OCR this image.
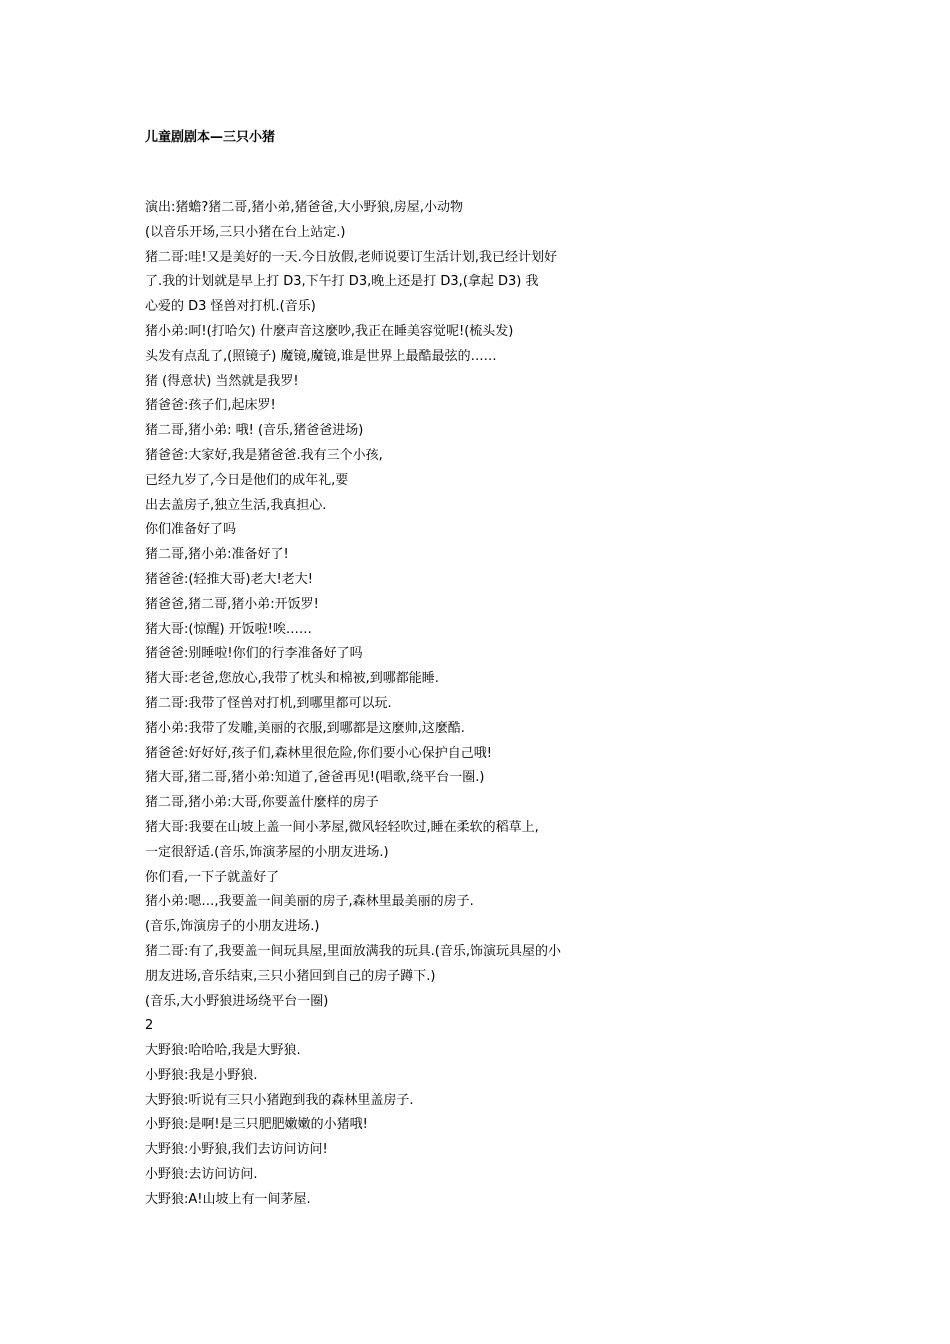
儿童剧剧本—三只小猪
演出:猪蟾?猪二哥,猪小弟,猪爸爸,大小野狼,房屋,小动物
(以音乐开场,三只小猪在台上站定.)
猪二哥:哇!又是美好的一天.今日放假,老师说要订生活计划,我已经计划好
了.我的计划就是早上打 D3,下午打 D3,晚上还是打 D3,(拿起 D3) 我
心爱的 D3 怪兽对打机.(音乐)
猪小弟:呵!(打哈欠) 什麼声音这麼吵,我正在睡美容觉呢!(梳头发)
头发有点乱了,(照镜子) 魔镜,魔镜,谁是世界上最酷最弦的……
猪 (得意状) 当然就是我罗!
猪爸爸:孩子们,起床罗!
猪二哥,猪小弟: 哦! (音乐,猪爸爸进场)
猪爸爸:大家好,我是猪爸爸.我有三个小孩,
已经九岁了,今日是他们的成年礼,要
出去盖房子,独立生活,我真担心.
你们准备好了吗
猪二哥,猪小弟:准备好了!
猪爸爸:(轻推大哥)老大!老大!
猪爸爸,猪二哥,猪小弟:开饭罗!
猪大哥:(惊醒) 开饭啦!唉……
猪爸爸:别睡啦!你们的行李准备好了吗
猪大哥:老爸,您放心,我带了枕头和棉被,到哪都能睡.
猪二哥:我带了怪兽对打机,到哪里都可以玩.
猪小弟:我带了发雕,美丽的衣服,到哪都是这麼帅,这麼酷.
猪爸爸:好好好,孩子们,森林里很危险,你们要小心保护自己哦!
猪大哥,猪二哥,猪小弟:知道了,爸爸再见!(唱歌,绕平台一圈.)
猪二哥,猪小弟:大哥,你要盖什麼样的房子
猪大哥:我要在山坡上盖一间小茅屋,微风轻轻吹过,睡在柔软的稻草上,
一定很舒适.(音乐,饰演茅屋的小朋友进场.)
你们看,一下子就盖好了
猪小弟:嗯…,我要盖一间美丽的房子,森林里最美丽的房子.
(音乐,饰演房子的小朋友进场.)
猪二哥:有了,我要盖一间玩具屋,里面放满我的玩具.(音乐,饰演玩具屋的小
朋友进场,音乐结束,三只小猪回到自己的房子蹲下.)
(音乐,大小野狼进场绕平台一圈)
2
大野狼:哈哈哈,我是大野狼.
小野狼:我是小野狼.
大野狼:听说有三只小猪跑到我的森林里盖房子.
小野狼:是啊!是三只肥肥嫩嫩的小猪哦!
大野狼:小野狼,我们去访问访问!
小野狼:去访问访问.
大野狼:A!山坡上有一间茅屋.
